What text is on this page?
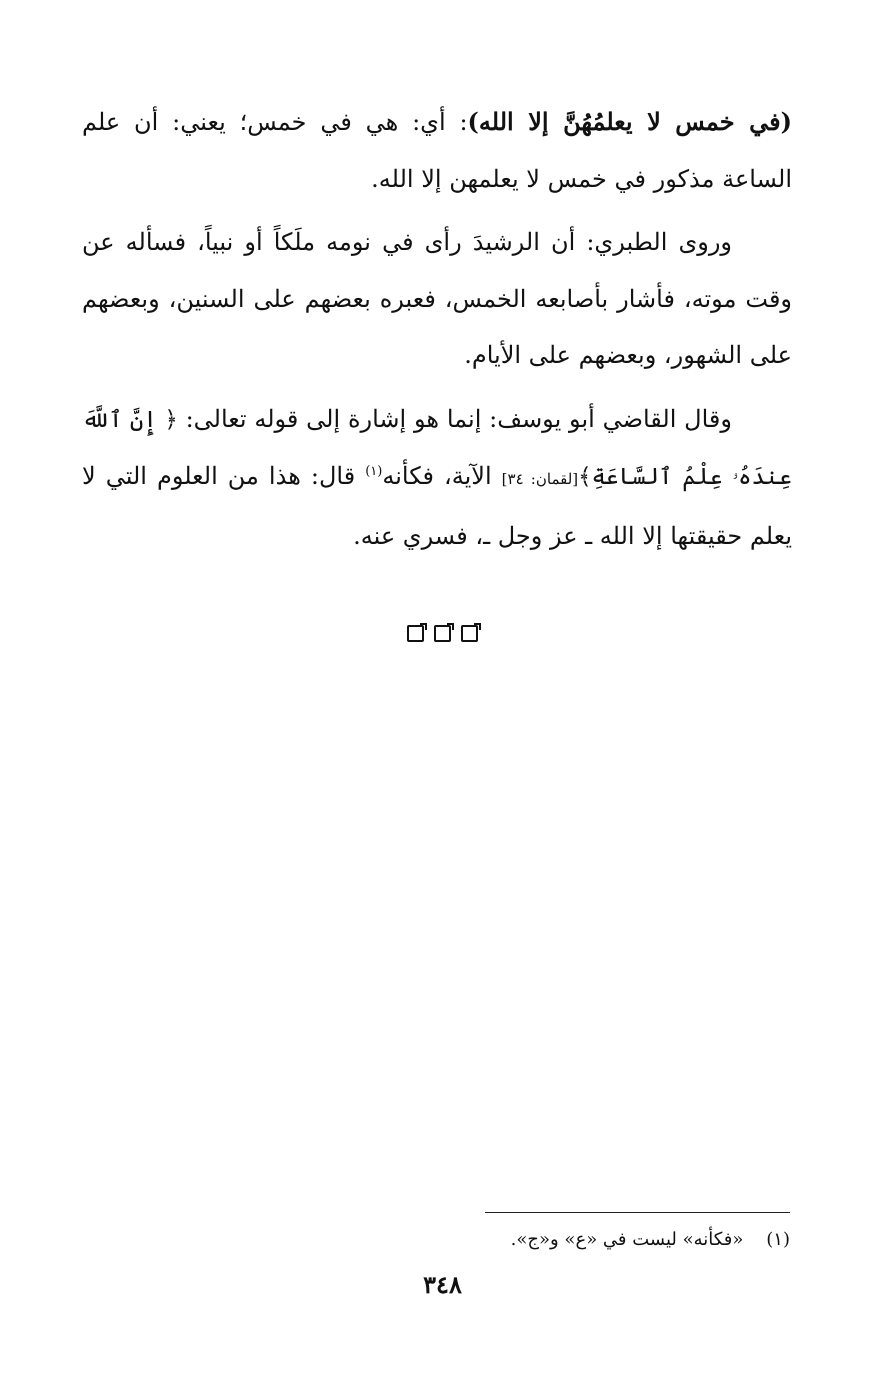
(في خمس لا يعلمُهُنَّ إلا الله): أي: هي في خمس؛ يعني: أن علم الساعة مذكور في خمس لا يعلمهن إلا الله.

وروى الطبري: أن الرشيدَ رأى في نومه ملَكاً أو نبياً، فسأله عن وقت موته، فأشار بأصابعه الخمس، فعبره بعضهم على السنين، وبعضهم على الشهور، وبعضهم على الأيام.

وقال القاضي أبو يوسف: إنما هو إشارة إلى قوله تعالى: ﴿ إِنَّ ٱللَّهَ عِندَهُۥ عِلْمُ ٱلسَّاعَةِ﴾[لقمان: ٣٤] الآية، فكأنه$^{(١)}$ قال: هذا من العلوم التي لا يعلم حقيقتها إلا الله ـ عز وجل ـ، فسري عنه.

(١)    «فكأنه» ليست في «ع» و«ج».
٣٤٨
